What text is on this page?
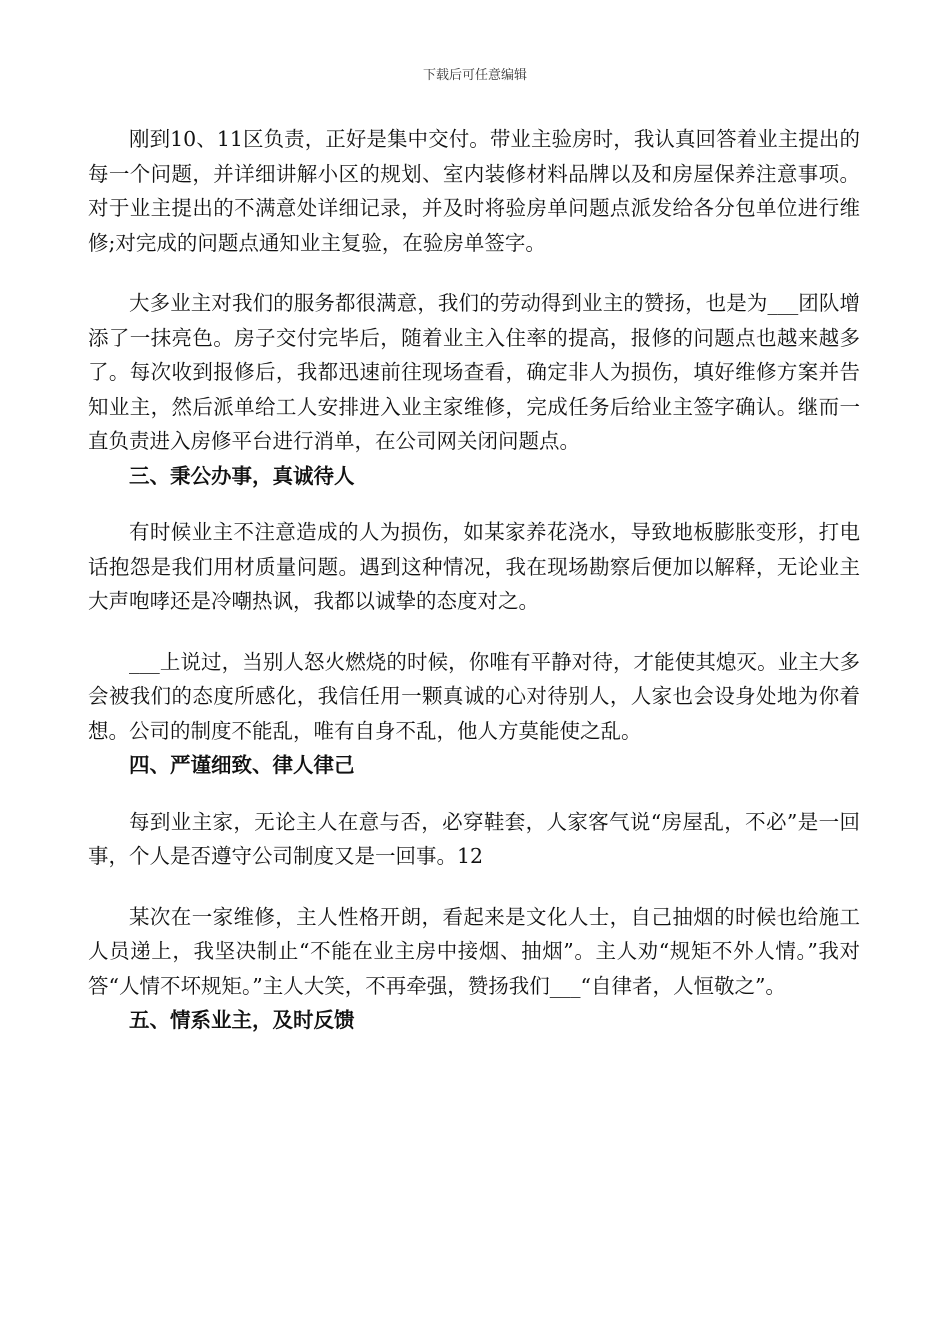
下载后可任意编辑

刚到10、11区负责，正好是集中交付。带业主验房时，我认真回答着业主提出的每一个问题，并详细讲解小区的规划、室内装修材料品牌以及和房屋保养注意事项。对于业主提出的不满意处详细记录，并及时将验房单问题点派发给各分包单位进行维修;对完成的问题点通知业主复验，在验房单签字。

大多业主对我们的服务都很满意，我们的劳动得到业主的赞扬，也是为___团队增添了一抹亮色。房子交付完毕后，随着业主入住率的提高，报修的问题点也越来越多了。每次收到报修后，我都迅速前往现场查看，确定非人为损伤，填好维修方案并告知业主，然后派单给工人安排进入业主家维修，完成任务后给业主签字确认。继而一直负责进入房修平台进行消单，在公司网关闭问题点。

三、秉公办事，真诚待人

有时候业主不注意造成的人为损伤，如某家养花浇水，导致地板膨胀变形，打电话抱怨是我们用材质量问题。遇到这种情况，我在现场勘察后便加以解释，无论业主大声咆哮还是冷嘲热讽，我都以诚挚的态度对之。

___上说过，当别人怒火燃烧的时候，你唯有平静对待，才能使其熄灭。业主大多会被我们的态度所感化，我信任用一颗真诚的心对待别人，人家也会设身处地为你着想。公司的制度不能乱，唯有自身不乱，他人方莫能使之乱。

四、严谨细致、律人律己

每到业主家，无论主人在意与否，必穿鞋套，人家客气说“房屋乱，不必”是一回事，个人是否遵守公司制度又是一回事。12

某次在一家维修，主人性格开朗，看起来是文化人士，自己抽烟的时候也给施工人员递上，我坚决制止“不能在业主房中接烟、抽烟”。主人劝“规矩不外人情。”我对答“人情不坏规矩。”主人大笑，不再牵强，赞扬我们___“自律者，人恒敬之”。

五、情系业主，及时反馈
